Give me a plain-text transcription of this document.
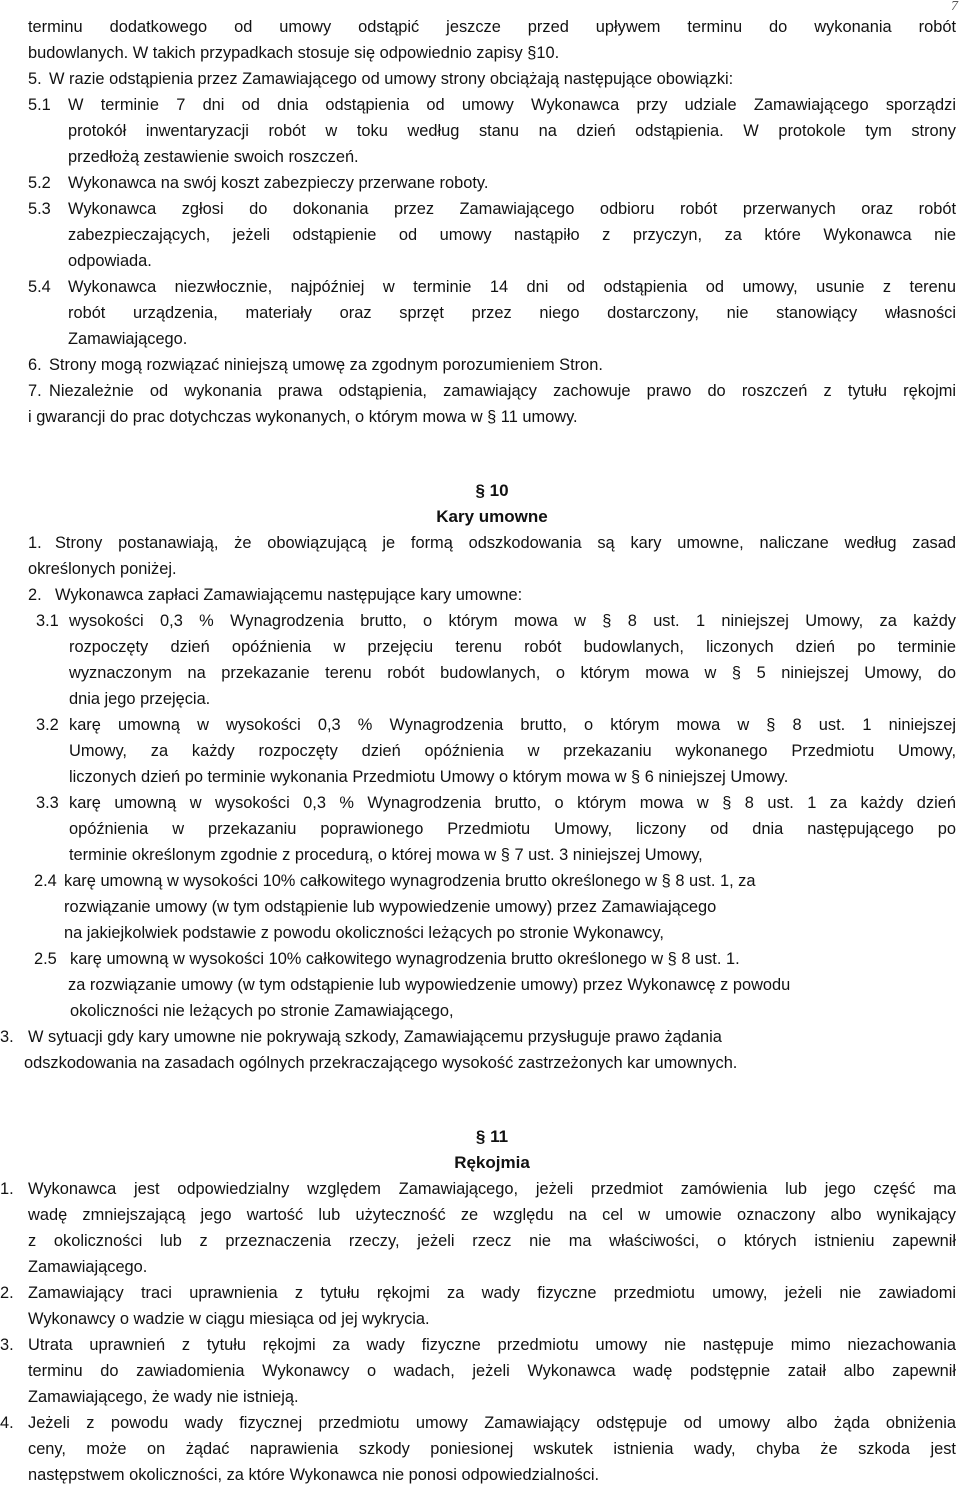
7
terminu dodatkowego od umowy odstąpić jeszcze przed upływem terminu do wykonania robót
budowlanych. W takich przypadkach stosuje się odpowiednio zapisy §10.
5. W razie odstąpienia przez Zamawiającego od umowy strony obciążają następujące obowiązki:
5.1	W terminie 7 dni od dnia odstąpienia od umowy Wykonawca przy udziale Zamawiającego sporządzi

protokół inwentaryzacji robót w toku według stanu na dzień odstąpienia. W protokole tym strony

przedłożą zestawienie swoich roszczeń.

5.2	Wykonawca na swój koszt zabezpieczy przerwane roboty.

5.3	Wykonawca zgłosi do dokonania przez Zamawiającego odbioru robót przerwanych oraz robót

zabezpieczających, jeżeli odstąpienie od umowy nastąpiło z przyczyn, za które Wykonawca nie

odpowiada.

5.4	Wykonawca niezwłocznie, najpóźniej w terminie 14 dni od odstąpienia od umowy, usunie z terenu

robót urządzenia, materiały oraz sprzęt przez niego dostarczony, nie stanowiący własności

Zamawiającego.

6. Strony mogą rozwiązać niniejszą umowę za zgodnym porozumieniem Stron.
7. Niezależnie od wykonania prawa odstąpienia, zamawiający zachowuje prawo do roszczeń z tytułu rękojmi

i gwarancji do prac dotychczas wykonanych, o którym mowa w § 11 umowy.
§ 10
Kary umowne
1. Strony postanawiają, że obowiązującą je formą odszkodowania są kary umowne, naliczane według zasad

określonych poniżej.
2. Wykonawca zapłaci Zamawiającemu następujące kary umowne:
3.1 wysokości 0,3 % Wynagrodzenia brutto, o którym mowa w § 8 ust. 1 niniejszej Umowy, za każdy

rozpoczęty dzień opóźnienia w przejęciu terenu robót budowlanych, liczonych dzień po terminie

wyznaczonym na przekazanie terenu robót budowlanych, o którym mowa w § 5 niniejszej Umowy, do

dnia jego przejęcia.

3.2 karę umowną w wysokości 0,3 % Wynagrodzenia brutto, o którym mowa w § 8 ust. 1 niniejszej

Umowy, za każdy rozpoczęty dzień opóźnienia w przekazaniu wykonanego Przedmiotu Umowy,

liczonych dzień po terminie wykonania Przedmiotu Umowy o którym mowa w § 6 niniejszej Umowy.

3.3 karę umowną w wysokości 0,3 % Wynagrodzenia brutto, o którym mowa w § 8 ust. 1 za każdy dzień

opóźnienia w przekazaniu poprawionego Przedmiotu Umowy, liczony od dnia następującego po

terminie określonym zgodnie z procedurą, o której mowa w § 7 ust. 3 niniejszej Umowy,

2.4 karę umowną w wysokości 10% całkowitego wynagrodzenia brutto określonego w § 8 ust. 1, za

rozwiązanie umowy (w tym odstąpienie lub wypowiedzenie umowy) przez Zamawiającego

na jakiejkolwiek podstawie z powodu okoliczności leżących po stronie Wykonawcy,

2.5 karę umowną w wysokości 10% całkowitego wynagrodzenia brutto określonego w § 8 ust. 1.

za rozwiązanie umowy (w tym odstąpienie lub wypowiedzenie umowy) przez Wykonawcę z powodu

okoliczności nie leżących po stronie Zamawiającego,

3. W sytuacji gdy kary umowne nie pokrywają szkody, Zamawiającemu przysługuje prawo żądania

odszkodowania na zasadach ogólnych przekraczającego wysokość zastrzeżonych kar umownych.

§ 11
Rękojmia
1. Wykonawca jest odpowiedzialny względem Zamawiającego, jeżeli przedmiot zamówienia lub jego część ma

wadę zmniejszającą jego wartość lub użyteczność ze względu na cel w umowie oznaczony albo wynikający

z okoliczności lub z przeznaczenia rzeczy, jeżeli rzecz nie ma właściwości, o których istnieniu zapewnił

Zamawiającego.

2. Zamawiający traci uprawnienia z tytułu rękojmi za wady fizyczne przedmiotu umowy, jeżeli nie zawiadomi

Wykonawcy o wadzie w ciągu miesiąca od jej wykrycia.

3. Utrata uprawnień z tytułu rękojmi za wady fizyczne przedmiotu umowy nie następuje mimo niezachowania

terminu do zawiadomienia Wykonawcy o wadach, jeżeli Wykonawca wadę podstępnie zataił albo zapewnił

Zamawiającego, że wady nie istnieją.

4. Jeżeli z powodu wady fizycznej przedmiotu umowy Zamawiający odstępuje od umowy albo żąda obniżenia

ceny, może on żądać naprawienia szkody poniesionej wskutek istnienia wady, chyba że szkoda jest

następstwem okoliczności, za które Wykonawca nie ponosi odpowiedzialności.
